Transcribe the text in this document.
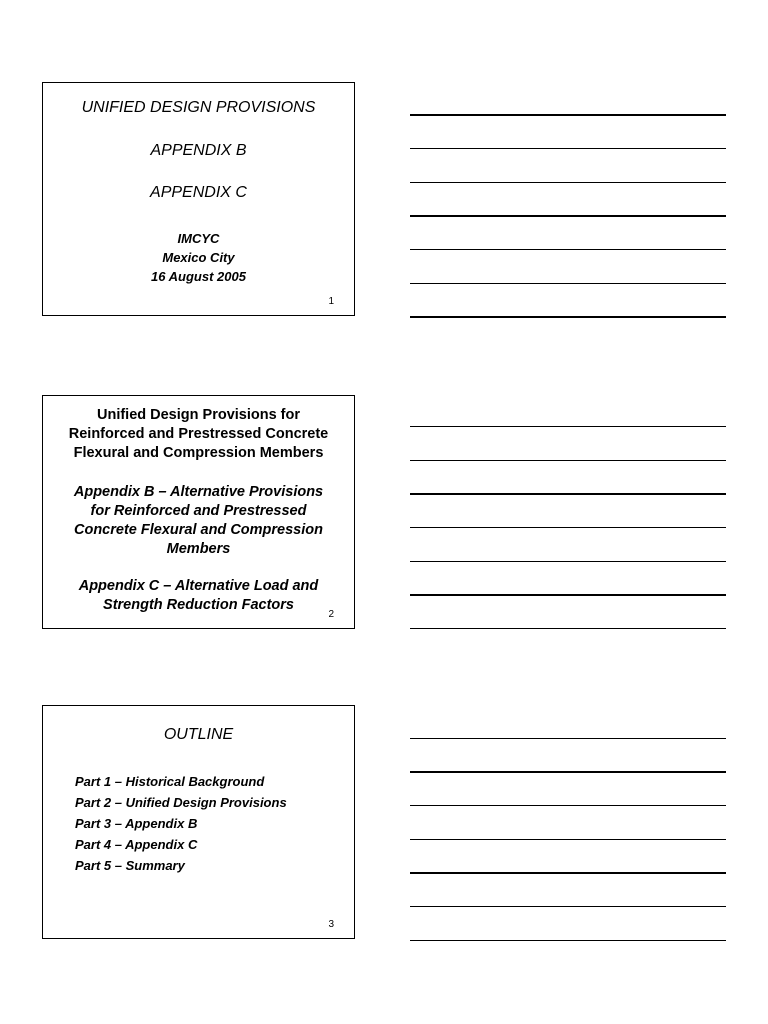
UNIFIED DESIGN PROVISIONS
APPENDIX B
APPENDIX C
IMCYC
Mexico City
16 August 2005
1
Unified Design Provisions for
Reinforced and Prestressed Concrete
Flexural and Compression Members
Appendix B – Alternative Provisions
for Reinforced and Prestressed
Concrete Flexural and Compression
Members
Appendix C – Alternative Load and
Strength Reduction Factors
2
OUTLINE
Part 1 – Historical Background
Part 2 – Unified Design Provisions
Part 3 – Appendix B
Part 4 – Appendix C
Part 5 – Summary
3
